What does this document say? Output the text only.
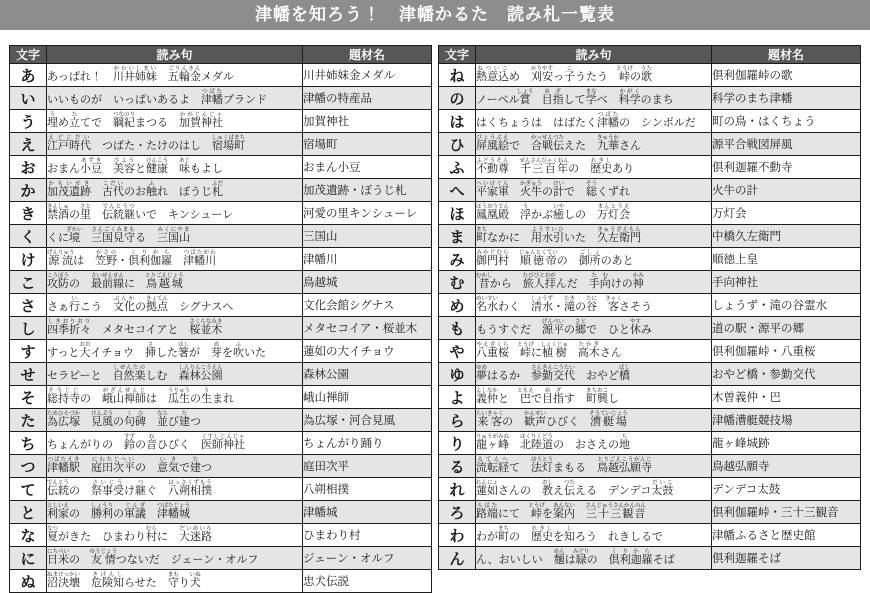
津幡を知ろう！　津幡かるた　読み札一覧表
文字	読み句	題材名
あ	あっぱれ！　川井姉妹かわいしまい　五輪金ごりんきんメダル	川井姉妹金メダル
い	いいものが　いっぱいあるよ　津幡つばたブランド	津幡の特産品
う	埋うめ立たてで　綱紀つなのりまつる　加賀神社かがじんじゃ	加賀神社
え	江戸時代えどじだい　つばた・たけのはし　宿場町しゅくばまち	宿場町
お	おまん小豆あずき　美容びようと健康けんこう　味あじもよし	おまん小豆
か	加茂遺跡かもいせき　古代こだいのお触ふれ　ぼうじ札ふだ	加茂遺跡・ぼうじ札
き	禁酒きんしゅの里さと　伝統継でんとうついで　キンシューレ	河愛の里キンシューレ
く	くに境ざかい　三国見守さんごくみまもる　三国山みくにやま	三国山
け	源流げんりゅうは　笠野かさの・倶利伽羅くりから　津幡川つばたがわ	津幡川
こ	攻防こうぼうの　最前線さいぜんせんに　鳥越城とりごえじょう	鳥越城
さ	さぁ行いこう　文化ぶんかの拠点きょてん　シグナスへ	文化会館シグナス
し	四季折々しきおりおり　メタセコイアと　桜並木さくらなみき	メタセコイア・桜並木
す	すっと大おおイチョウ　挿さした箸はしが　芽めを吹ふいた	蓮如の大イチョウ
せ	セラピーと　自然楽しぜんたのしむ　森林公園しんりんこうえん	森林公園
そ	総持寺そうじじの　峨山禅師がざんぜんじは　瓜生うりゅうの生うまれ	峨山禅師
た	為広塚ためひろづか　見風けんぷうの句碑くひ　並ならび建たつ	為広塚・河合見風
ち	ちょんがりの　鈴すずの音ねひびく　医師神社くすしじんじゃ	ちょんがり踊り
つ	津幡駅つばたえき　庭田次平にわたじへいの　意気いきで建たつ	庭田次平
て	伝統でんとうの　祭事受さいじうけ継つぐ　八朔相撲はっさくずもう	八朔相撲
と	利家としいえの　勝利しょうりの軍議ぐんぎ　津幡城つばたじょう	津幡城
な	夏なつがきた　ひまわり村むらに　大迷路だいめいろ	ひまわり村
に	日米にちべいの　友情ゆうじょうつないだ　ジェーン・オルフ	ジェーン・オルフ
ぬ	沼決壊ぬまけっかい　危険知きけんしらせた　守まもり犬いぬ	忠犬伝説
文字	読み句	題材名
ね	熱意込ねついこめ　刈安かりやすっ子こうたう　峠とうげの歌うた	倶利伽羅峠の歌
の	ノーベル賞しょう　目指めざして学まなべ　科学かがくのまち	科学のまち津幡
は	はくちょうは　はばたく津幡つばたの　シンボルだ	町の鳥・はくちょう
ひ	屏風絵びょうぶえで　合戦伝かっせんつたえた　九華きゅうかさん	源平合戦図屏風
ふ	不動尊ふどうそん　千三百年せんさんびゃくねんの　歴史れきしあり	倶利迦羅不動寺
へ	平家軍へいけぐん　火牛かぎゅうの計けいで　総そうくずれ	火牛の計
ほ	鳳凰殿ほうおうでん　浮うかぶ癒いやしの　万灯会まんとうえ	万灯会
ま	町まちなかに　用水引ようすいひいた　久左衛門きゅうざえもん	中橋久左衛門
み	御門村みかどむら　順徳帝じゅんとくていの　御所ごしょのあと	順徳上皇
む	昔むかしから　旅人拝たびびとおがんだ　手向たむけの神かみ	手向神社
め	名水めいすいわく　清水しょうず・滝たきの谷たに　客きゃくさそう	しょうず・滝の谷霊水
も	もうすぐだ　源平げんぺいの郷さとで　ひと休やすみ	道の駅・源平の郷
や	八重桜やえざくら　峠とうげに植樹しょくじゅ　高木たかぎさん	倶利伽羅峠・八重桜
ゆ	夢ゆめはるか　参勤交代さんきんこうたい　おやど橋ばし	おやど橋・参勤交代
よ	義仲よしなかと　巴ともえで目指めざす　町興まちおこし	木曽義仲・巴
ら	来客らいきゃくの　歓声かんせいひびく　漕艇場そうていじょう	津幡漕艇競技場
り	龍ヶ峰りゅうがみね　北陸道ほくりくどうの　おさえの地ち	龍ヶ峰城跡
る	流転経るてんへて　法灯ほうとうまもる　鳥越弘願寺とりごえこうがんじ	鳥越弘願寺
れ	蓮如れんにょさんの　教おしえ伝つたえる　デンデコ太鼓だいこ	デンデコ太鼓
ろ	路端ろばたにて　峠とうげを案内あんない　三十三観音さんじゅうさんかんのん	倶利伽羅峠・三十三観音
わ	わが町まちの　歴史れきしを知しろう　れきしるで	津幡ふるさと歴史館
ん	ん、おいしい　麺めんは緑みどりの　倶利迦羅くりからそば	倶利迦羅そば
